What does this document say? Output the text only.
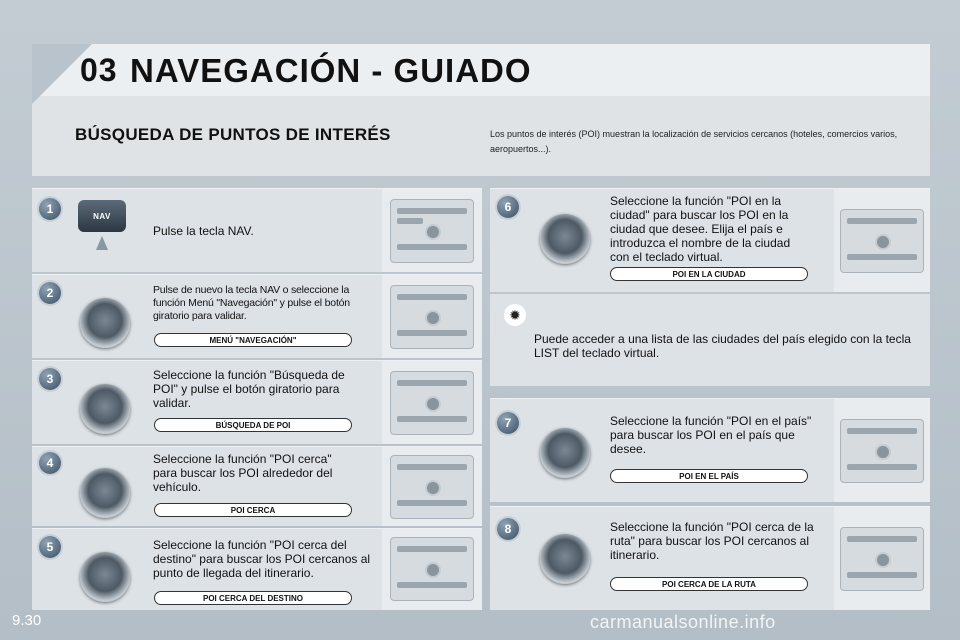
03 NAVEGACIÓN - GUIADO
BÚSQUEDA DE PUNTOS DE INTERÉS	Los puntos de interés (POI) muestran la localización de servicios cercanos (hoteles, comercios varios, aeropuertos...).
1	NAV
Pulse la tecla NAV.
2	Pulse de nuevo la tecla NAV o seleccione la función Menú "Navegación" y pulse el botón giratorio para validar.
MENÚ "NAVEGACIÓN"
3	Seleccione la función "Búsqueda de POI" y pulse el botón giratorio para validar.
BÚSQUEDA DE POI
4	Seleccione la función "POI cerca" para buscar los POI alrededor del vehículo.
POI CERCA
5	Seleccione la función "POI cerca del destino" para buscar los POI cercanos al punto de llegada del itinerario.
POI CERCA DEL DESTINO
6	Seleccione la función "POI en la ciudad" para buscar los POI en la ciudad que desee. Elija el país e introduzca el nombre de la ciudad con el teclado virtual.
POI EN LA CIUDAD
✹
Puede acceder a una lista de las ciudades del país elegido con la tecla LIST del teclado virtual.
7	Seleccione la función "POI en el país" para buscar los POI en el país que desee.
POI EN EL PAÍS
8	Seleccione la función "POI cerca de la ruta" para buscar los POI cercanos al itinerario.
POI CERCA DE LA RUTA
9.30	carmanualsonline.info
